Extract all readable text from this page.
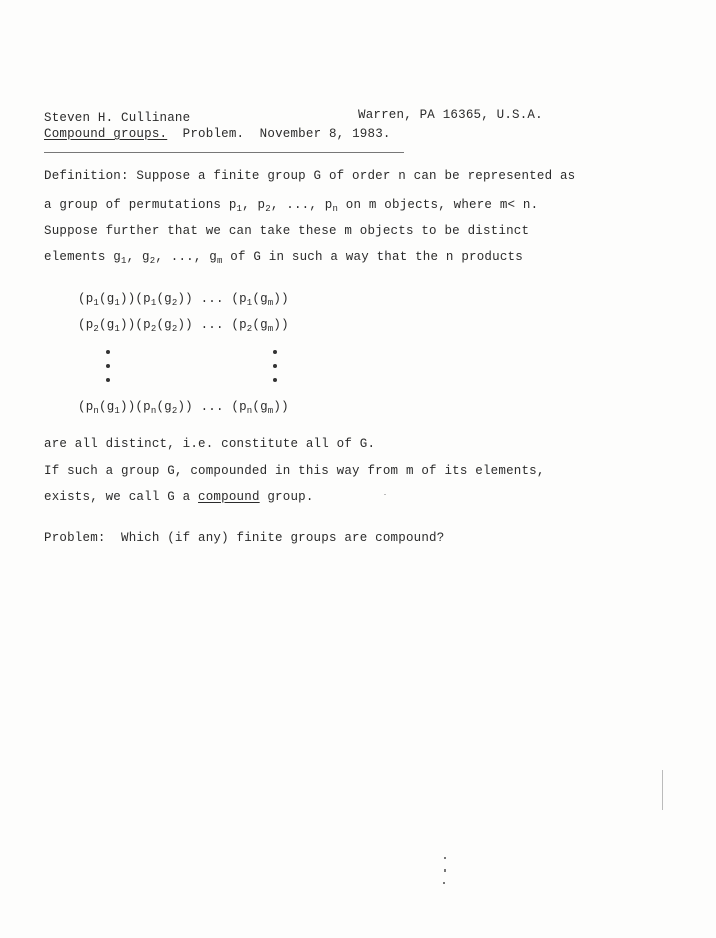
Steven H. Cullinane	Warren, PA 16365, U.S.A.
Compound groups. Problem. November 8, 1983.
Definition: Suppose a finite group G of order n can be represented as
a group of permutations $p_1$, $p_2$, ..., $p_n$ on m objects, where m< n.
Suppose further that we can take these m objects to be distinct
elements $g_1$, $g_2$, ..., $g_m$ of G in such a way that the n products
$(p_1(g_1))(p_1(g_2))$ ... $(p_1(g_m))$
$(p_2(g_1))(p_2(g_2))$ ... $(p_2(g_m))$
$(p_n(g_1))(p_n(g_2))$ ... $(p_n(g_m))$
are all distinct, i.e. constitute all of G.
If such a group G, compounded in this way from m of its elements,
exists, we call G a compound group.
Problem:  Which (if any) finite groups are compound?
